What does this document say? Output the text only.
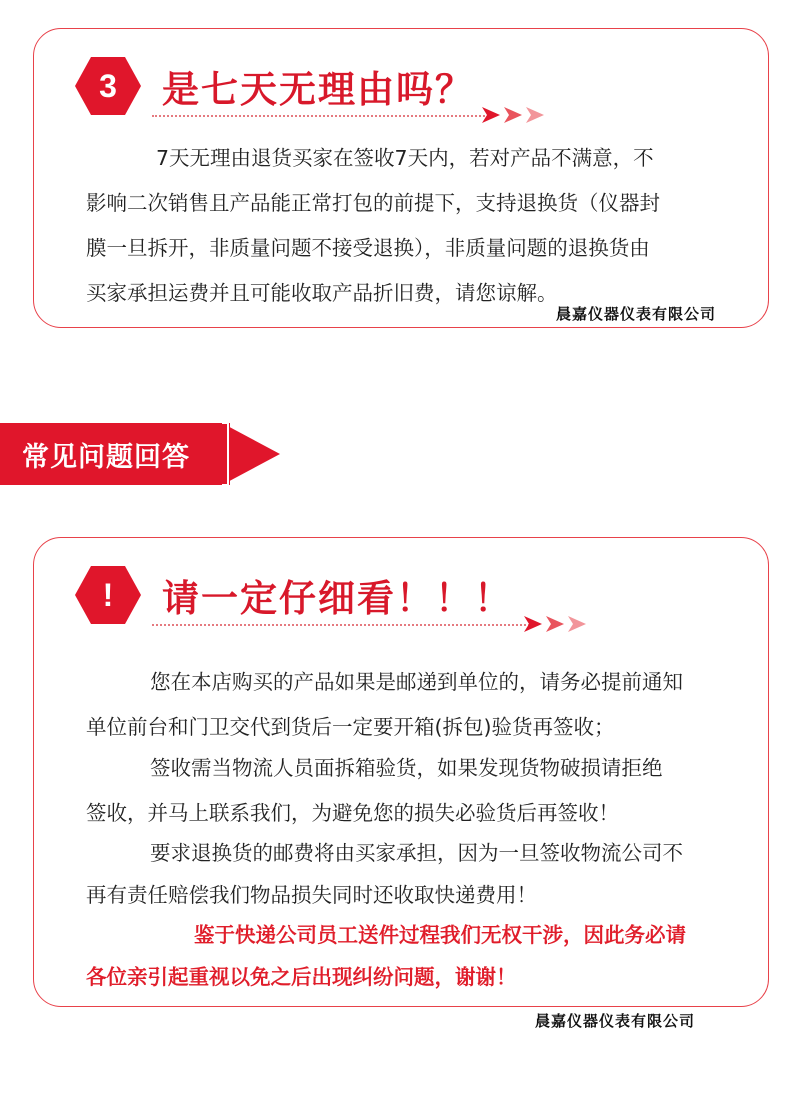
3	是七天无理由吗？
7天无理由退货买家在签收7天内，若对产品不满意，不
影响二次销售且产品能正常打包的前提下，支持退换货（仪器封
膜一旦拆开，非质量问题不接受退换），非质量问题的退换货由
买家承担运费并且可能收取产品折旧费，请您谅解。
晨嘉仪器仪表有限公司
常见问题回答
!	请一定仔细看！！！
您在本店购买的产品如果是邮递到单位的，请务必提前通知
单位前台和门卫交代到货后一定要开箱(拆包)验货再签收；
签收需当物流人员面拆箱验货，如果发现货物破损请拒绝
签收，并马上联系我们，为避免您的损失必验货后再签收！
要求退换货的邮费将由买家承担，因为一旦签收物流公司不
再有责任赔偿我们物品损失同时还收取快递费用！
鉴于快递公司员工送件过程我们无权干涉，因此务必请
各位亲引起重视以免之后出现纠纷问题，谢谢！
晨嘉仪器仪表有限公司
